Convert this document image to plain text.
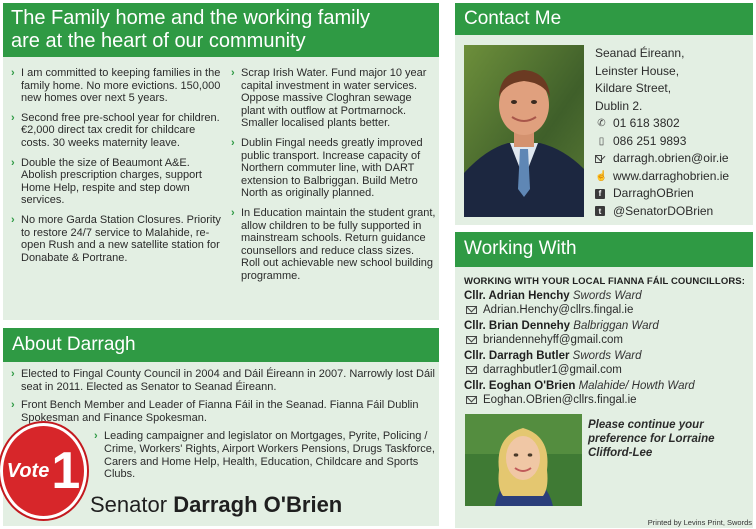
The Family home and the working family
are at the heart of our community
› I am committed to keeping families in the family home. No more evictions. 150,000 new homes over next 5 years.
› Second free pre-school year for children. €2,000 direct tax credit for childcare costs. 30 weeks maternity leave.
› Double the size of Beaumont A&E. Abolish prescription charges, support Home Help, respite and step down services.
› No more Garda Station Closures. Priority to restore 24/7 service to Malahide, re-open Rush and a new satellite station for Donabate & Portrane.
› Scrap Irish Water. Fund major 10 year capital investment in water services. Oppose massive Cloghran sewage plant with outflow at Portmarnock. Smaller localised plants better.
› Dublin Fingal needs greatly improved public transport. Increase capacity of Northern commuter line, with DART extension to Balbriggan. Build Metro North as originally planned.
› In Education maintain the student grant, allow children to be fully supported in mainstream schools. Return guidance counsellors and reduce class sizes. Roll out achievable new school building programme.
About Darragh
› Elected to Fingal County Council in 2004 and Dáil Éireann in 2007. Narrowly lost Dáil seat in 2011. Elected as Senator to Seanad Éireann.
› Front Bench Member and Leader of Fianna Fáil in the Seanad. Fianna Fáil Dublin Spokesman and Finance Spokesman.
› Leading campaigner and legislator on Mortgages, Pyrite, Policing / Crime, Workers' Rights, Airport Workers Pensions, Drugs Taskforce, Carers and Home Help, Health, Education, Childcare and Sports Clubs.
Vote 1
Senator Darragh O'Brien
Contact Me
Seanad Éireann,
Leinster House,
Kildare Street,
Dublin 2.
✆ 01 618 3802
▯ 086 251 9893
darragh.obrien@oir.ie
☝ www.darraghobrien.ie
f DarraghOBrien
t @SenatorDOBrien
Working With
WORKING WITH YOUR LOCAL FIANNA FÁIL COUNCILLORS:
Cllr. Adrian Henchy Swords Ward
Adrian.Henchy@cllrs.fingal.ie
Cllr. Brian Dennehy Balbriggan Ward
briandennehyff@gmail.com
Cllr. Darragh Butler Swords Ward
darraghbutler1@gmail.com
Cllr. Eoghan O'Brien Malahide/ Howth Ward
Eoghan.OBrien@cllrs.fingal.ie
Please continue your preference for Lorraine Clifford-Lee
Printed by Levins Print, Swords
